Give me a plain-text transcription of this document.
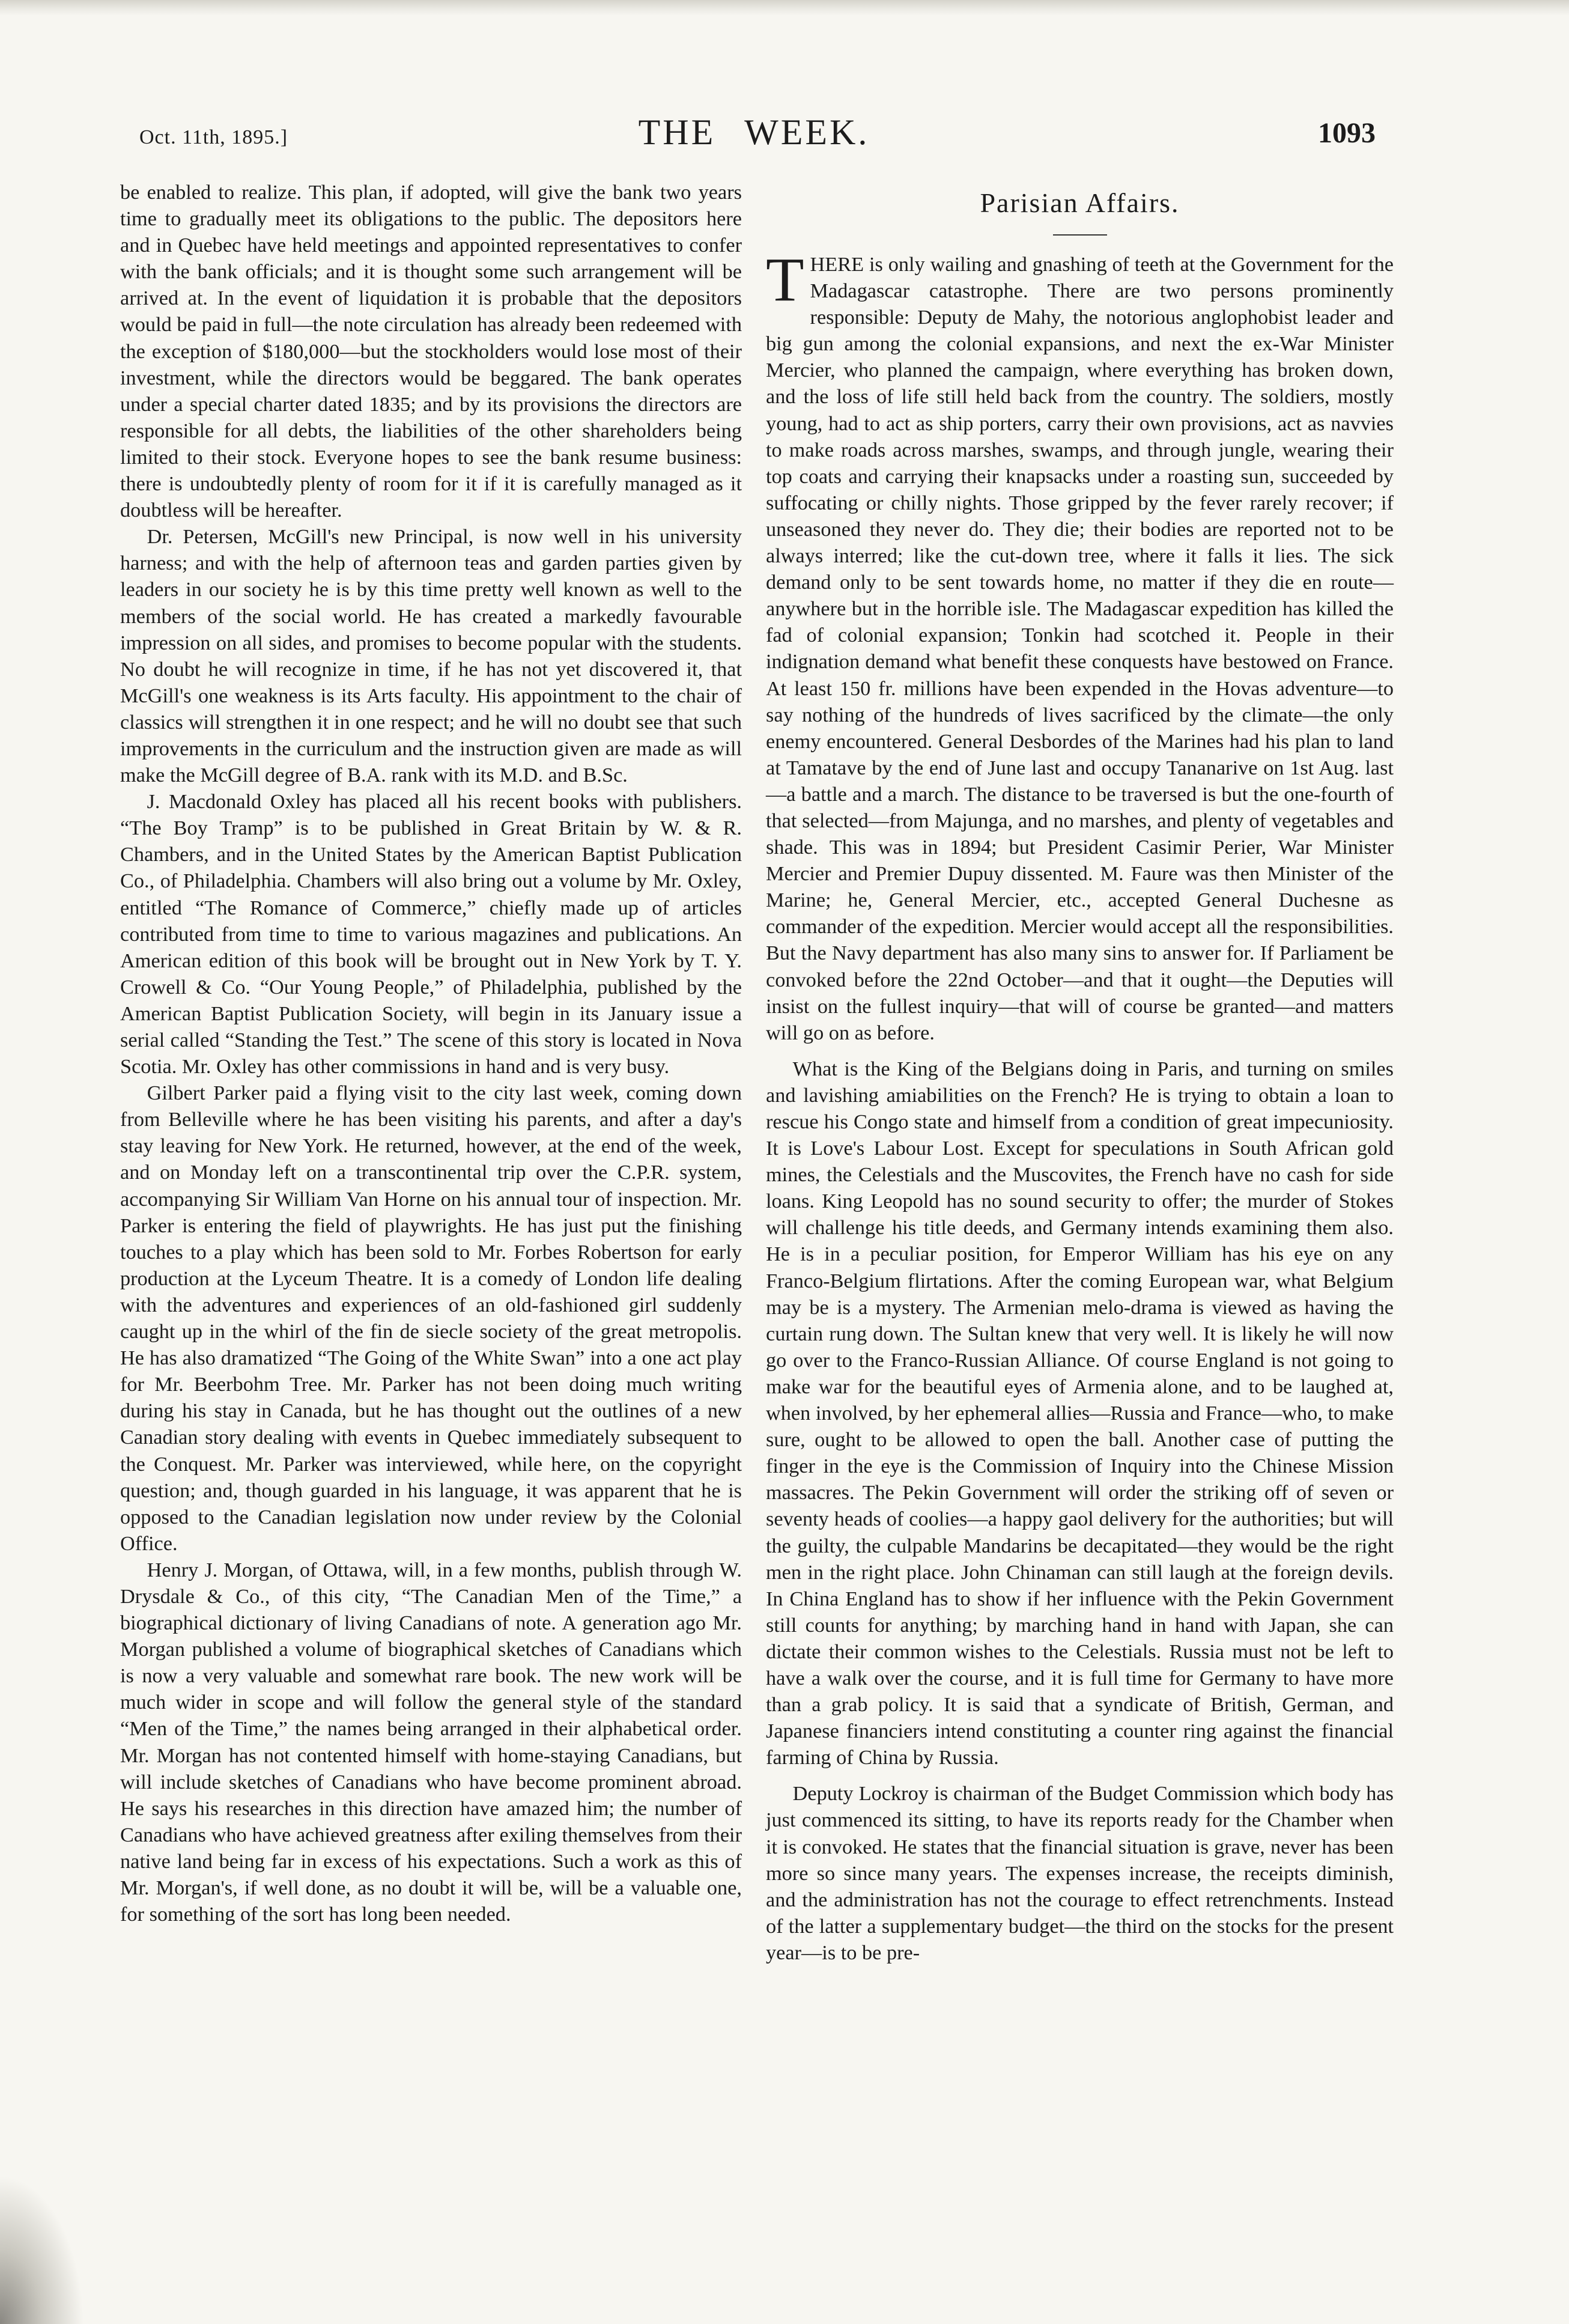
Oct. 11th, 1895.]	THE WEEK.	1093

be enabled to realize. This plan, if adopted, will give the bank two years time to gradually meet its obligations to the public. The depositors here and in Quebec have held meetings and appointed representatives to confer with the bank officials; and it is thought some such arrangement will be arrived at. In the event of liquidation it is probable that the depositors would be paid in full—the note circulation has already been redeemed with the exception of $180,000—but the stockholders would lose most of their investment, while the directors would be beggared. The bank operates under a special charter dated 1835; and by its provisions the directors are responsible for all debts, the liabilities of the other shareholders being limited to their stock. Everyone hopes to see the bank resume business: there is undoubtedly plenty of room for it if it is carefully managed as it doubtless will be hereafter.

Dr. Petersen, McGill's new Principal, is now well in his university harness; and with the help of afternoon teas and garden parties given by leaders in our society he is by this time pretty well known as well to the members of the social world. He has created a markedly favourable impression on all sides, and promises to become popular with the students. No doubt he will recognize in time, if he has not yet discovered it, that McGill's one weakness is its Arts faculty. His appointment to the chair of classics will strengthen it in one respect; and he will no doubt see that such improvements in the curriculum and the instruction given are made as will make the McGill degree of B.A. rank with its M.D. and B.Sc.

J. Macdonald Oxley has placed all his recent books with publishers. “The Boy Tramp” is to be published in Great Britain by W. & R. Chambers, and in the United States by the American Baptist Publication Co., of Philadelphia. Chambers will also bring out a volume by Mr. Oxley, entitled “The Romance of Commerce,” chiefly made up of articles contributed from time to time to various magazines and publications. An American edition of this book will be brought out in New York by T. Y. Crowell & Co. “Our Young People,” of Philadelphia, published by the American Baptist Publication Society, will begin in its January issue a serial called “Standing the Test.” The scene of this story is located in Nova Scotia. Mr. Oxley has other commissions in hand and is very busy.

Gilbert Parker paid a flying visit to the city last week, coming down from Belleville where he has been visiting his parents, and after a day's stay leaving for New York. He returned, however, at the end of the week, and on Monday left on a transcontinental trip over the C.P.R. system, accompanying Sir William Van Horne on his annual tour of inspection. Mr. Parker is entering the field of playwrights. He has just put the finishing touches to a play which has been sold to Mr. Forbes Robertson for early production at the Lyceum Theatre. It is a comedy of London life dealing with the adventures and experiences of an old-fashioned girl suddenly caught up in the whirl of the fin de siecle society of the great metropolis. He has also dramatized “The Going of the White Swan” into a one act play for Mr. Beerbohm Tree. Mr. Parker has not been doing much writing during his stay in Canada, but he has thought out the outlines of a new Canadian story dealing with events in Quebec immediately subsequent to the Conquest. Mr. Parker was interviewed, while here, on the copyright question; and, though guarded in his language, it was apparent that he is opposed to the Canadian legislation now under review by the Colonial Office.

Henry J. Morgan, of Ottawa, will, in a few months, publish through W. Drysdale & Co., of this city, “The Canadian Men of the Time,” a biographical dictionary of living Canadians of note. A generation ago Mr. Morgan published a volume of biographical sketches of Canadians which is now a very valuable and somewhat rare book. The new work will be much wider in scope and will follow the general style of the standard “Men of the Time,” the names being arranged in their alphabetical order. Mr. Morgan has not contented himself with home-staying Canadians, but will include sketches of Canadians who have become prominent abroad. He says his researches in this direction have amazed him; the number of Canadians who have achieved greatness after exiling themselves from their native land being far in excess of his expectations. Such a work as this of Mr. Morgan's, if well done, as no doubt it will be, will be a valuable one, for something of the sort has long been needed.

Parisian Affairs.

THERE is only wailing and gnashing of teeth at the Government for the Madagascar catastrophe. There are two persons prominently responsible: Deputy de Mahy, the notorious anglophobist leader and big gun among the colonial expansions, and next the ex-War Minister Mercier, who planned the campaign, where everything has broken down, and the loss of life still held back from the country. The soldiers, mostly young, had to act as ship porters, carry their own provisions, act as navvies to make roads across marshes, swamps, and through jungle, wearing their top coats and carrying their knapsacks under a roasting sun, succeeded by suffocating or chilly nights. Those gripped by the fever rarely recover; if unseasoned they never do. They die; their bodies are reported not to be always interred; like the cut-down tree, where it falls it lies. The sick demand only to be sent towards home, no matter if they die en route—anywhere but in the horrible isle. The Madagascar expedition has killed the fad of colonial expansion; Tonkin had scotched it. People in their indignation demand what benefit these conquests have bestowed on France. At least 150 fr. millions have been expended in the Hovas adventure—to say nothing of the hundreds of lives sacrificed by the climate—the only enemy encountered. General Desbordes of the Marines had his plan to land at Tamatave by the end of June last and occupy Tananarive on 1st Aug. last—a battle and a march. The distance to be traversed is but the one-fourth of that selected—from Majunga, and no marshes, and plenty of vegetables and shade. This was in 1894; but President Casimir Perier, War Minister Mercier and Premier Dupuy dissented. M. Faure was then Minister of the Marine; he, General Mercier, etc., accepted General Duchesne as commander of the expedition. Mercier would accept all the responsibilities. But the Navy department has also many sins to answer for. If Parliament be convoked before the 22nd October—and that it ought—the Deputies will insist on the fullest inquiry—that will of course be granted—and matters will go on as before.

What is the King of the Belgians doing in Paris, and turning on smiles and lavishing amiabilities on the French? He is trying to obtain a loan to rescue his Congo state and himself from a condition of great impecuniosity. It is Love's Labour Lost. Except for speculations in South African gold mines, the Celestials and the Muscovites, the French have no cash for side loans. King Leopold has no sound security to offer; the murder of Stokes will challenge his title deeds, and Germany intends examining them also. He is in a peculiar position, for Emperor William has his eye on any Franco-Belgium flirtations. After the coming European war, what Belgium may be is a mystery. The Armenian melo-drama is viewed as having the curtain rung down. The Sultan knew that very well. It is likely he will now go over to the Franco-Russian Alliance. Of course England is not going to make war for the beautiful eyes of Armenia alone, and to be laughed at, when involved, by her ephemeral allies—Russia and France—who, to make sure, ought to be allowed to open the ball. Another case of putting the finger in the eye is the Commission of Inquiry into the Chinese Mission massacres. The Pekin Government will order the striking off of seven or seventy heads of coolies—a happy gaol delivery for the authorities; but will the guilty, the culpable Mandarins be decapitated—they would be the right men in the right place. John Chinaman can still laugh at the foreign devils. In China England has to show if her influence with the Pekin Government still counts for anything; by marching hand in hand with Japan, she can dictate their common wishes to the Celestials. Russia must not be left to have a walk over the course, and it is full time for Germany to have more than a grab policy. It is said that a syndicate of British, German, and Japanese financiers intend constituting a counter ring against the financial farming of China by Russia.

Deputy Lockroy is chairman of the Budget Commission which body has just commenced its sitting, to have its reports ready for the Chamber when it is convoked. He states that the financial situation is grave, never has been more so since many years. The expenses increase, the receipts diminish, and the administration has not the courage to effect retrenchments. Instead of the latter a supplementary budget—the third on the stocks for the present year—is to be pre-
